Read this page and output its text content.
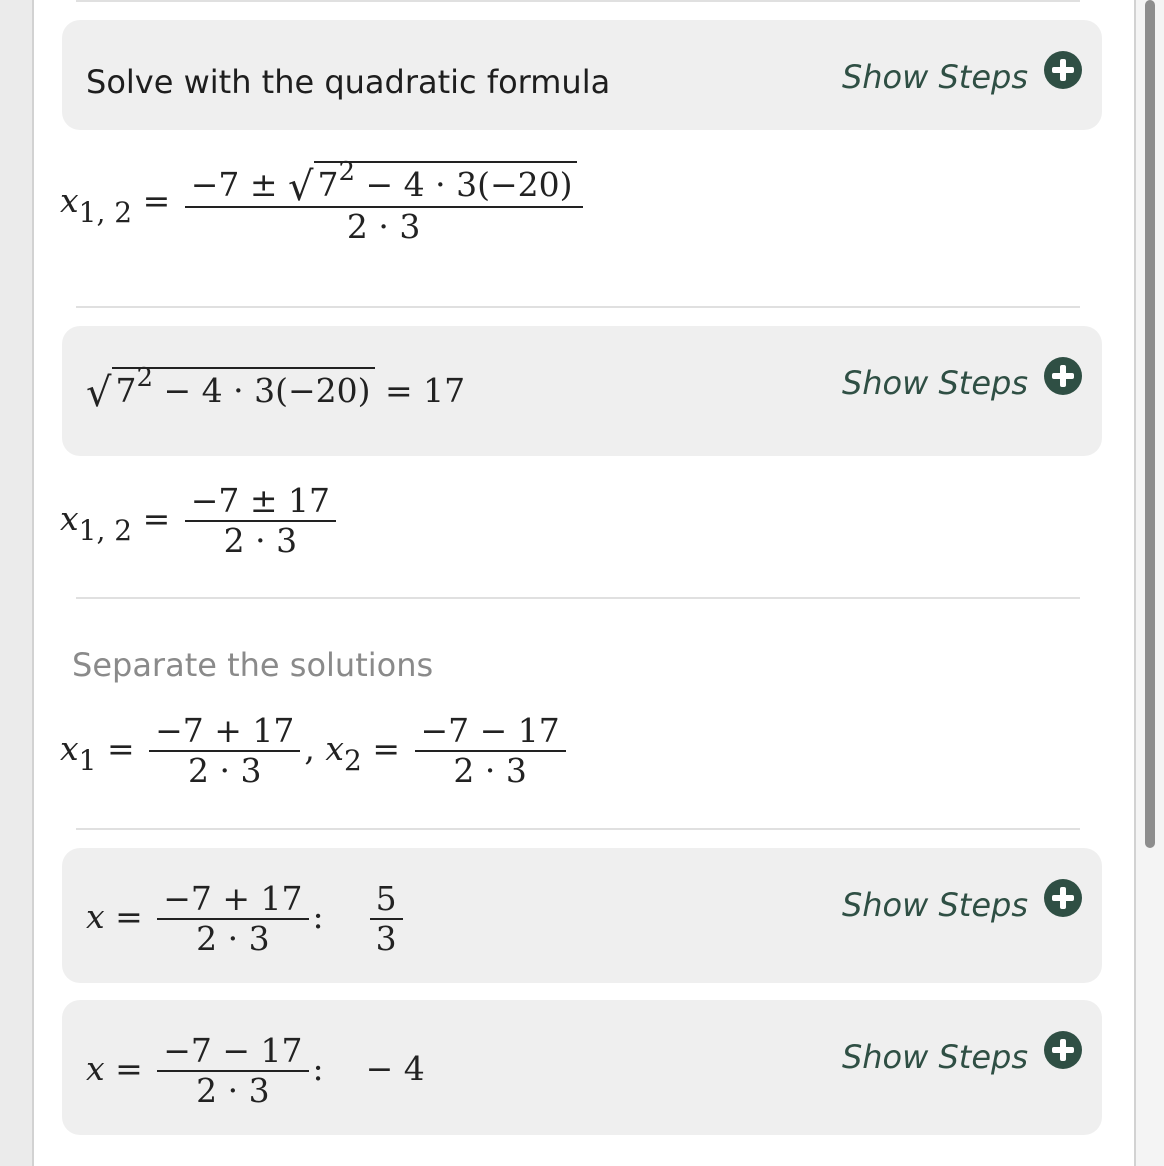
Solve with the quadratic formula	Show Steps
$x_{1, 2} = \frac{-7 \pm √ 7^2 - 4 \cdot 3(-20)}{2 \cdot 3}$
√ $7^2 - 4 \cdot 3(-20) = 17$	Show Steps
$x_{1, 2} = \frac{-7 \pm 17}{2 \cdot 3}$
Separate the solutions
$x_1 = \frac{-7 + 17}{2 \cdot 3}$ , $x_2 = \frac{-7 - 17}{2 \cdot 3}$
$x = \frac{-7 + 17}{2 \cdot 3}$ : $\frac{5}{3}$	Show Steps
$x = \frac{-7 - 17}{2 \cdot 3}$ : − 4	Show Steps
